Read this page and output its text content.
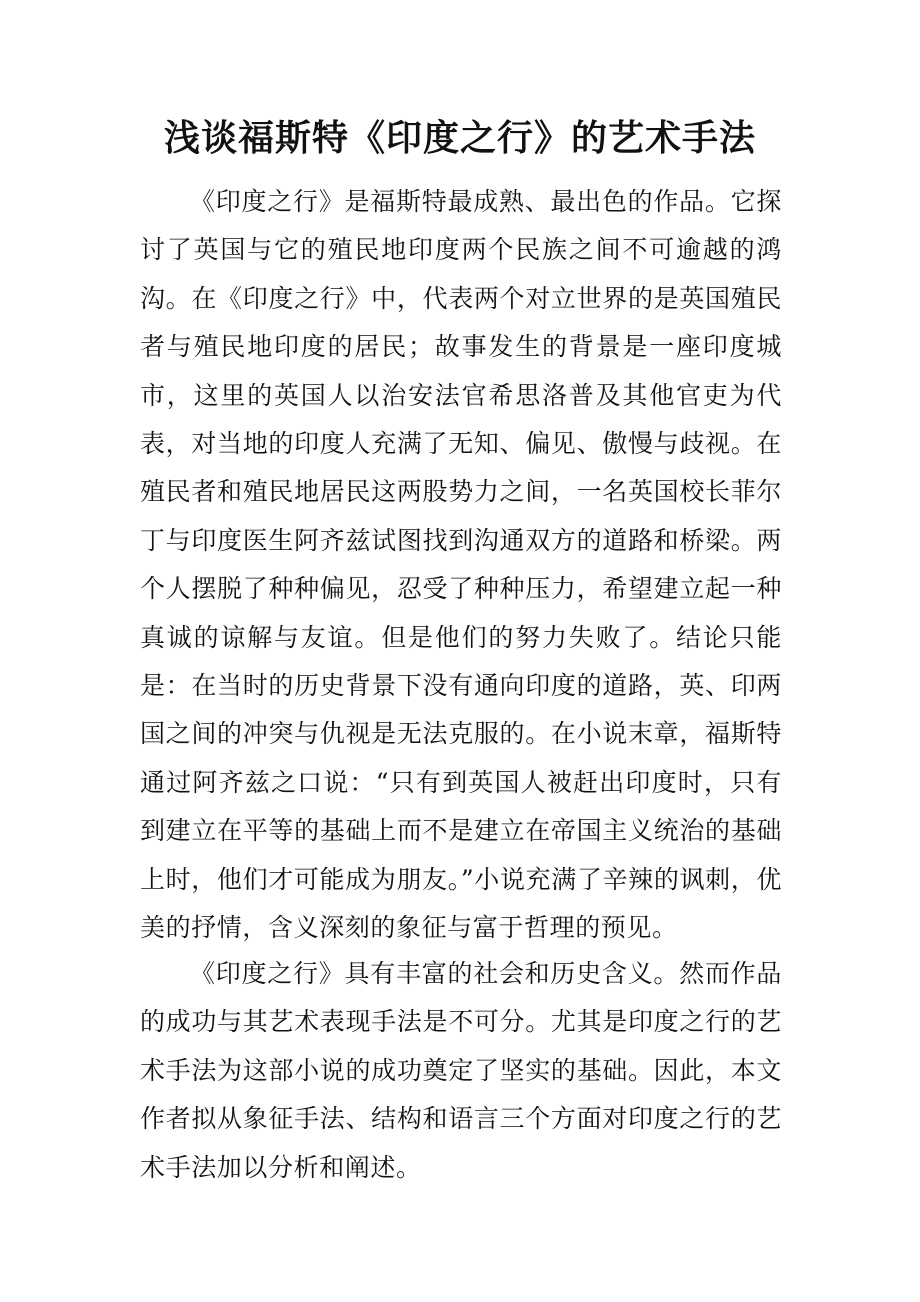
浅谈福斯特《印度之行》的艺术手法

《印度之行》是福斯特最成熟、最出色的作品。它探讨了英国与它的殖民地印度两个民族之间不可逾越的鸿沟。在《印度之行》中，代表两个对立世界的是英国殖民者与殖民地印度的居民；故事发生的背景是一座印度城市，这里的英国人以治安法官希思洛普及其他官吏为代表，对当地的印度人充满了无知、偏见、傲慢与歧视。在殖民者和殖民地居民这两股势力之间，一名英国校长菲尔丁与印度医生阿齐兹试图找到沟通双方的道路和桥梁。两个人摆脱了种种偏见，忍受了种种压力，希望建立起一种真诚的谅解与友谊。但是他们的努力失败了。结论只能是：在当时的历史背景下没有通向印度的道路，英、印两国之间的冲突与仇视是无法克服的。在小说末章，福斯特通过阿齐兹之口说：“只有到英国人被赶出印度时，只有到建立在平等的基础上而不是建立在帝国主义统治的基础上时，他们才可能成为朋友。”小说充满了辛辣的讽刺，优美的抒情，含义深刻的象征与富于哲理的预见。

《印度之行》具有丰富的社会和历史含义。然而作品的成功与其艺术表现手法是不可分。尤其是印度之行的艺术手法为这部小说的成功奠定了坚实的基础。因此，本文作者拟从象征手法、结构和语言三个方面对印度之行的艺术手法加以分析和阐述。
